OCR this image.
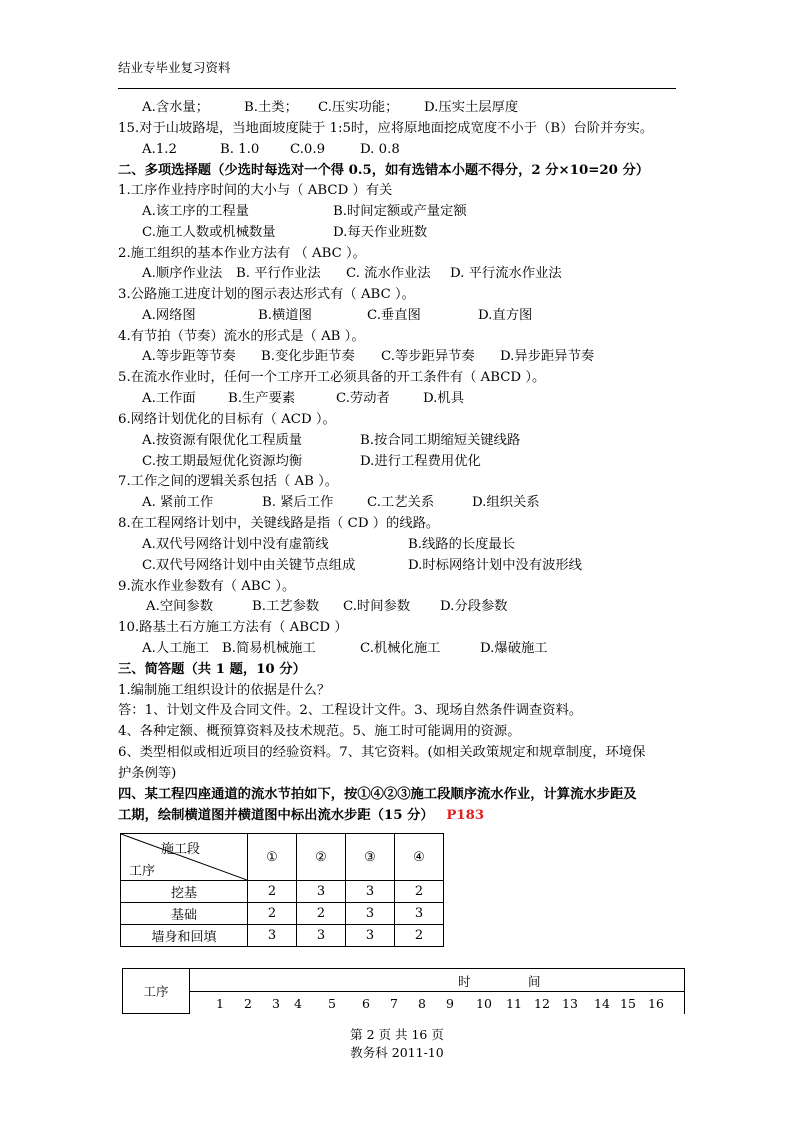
结业专毕业复习资料
A.含水量；	B.土类； C.压实功能； D.压实土层厚度
15.对于山坡路堤，当地面坡度陡于 1:5时，应将原地面挖成宽度不小于（B）台阶并夯实。
A.1.2	B. 1.0 C.0.9	D. 0.8
二、多项选择题（少选时每选对一个得 0.5，如有选错本小题不得分，2 分×10=20 分）
1.工序作业持序时间的大小与（ ABCD ）有关
A.该工序的工程量	B.时间定额或产量定额
C.施工人数或机械数量	D.每天作业班数
2.施工组织的基本作业方法有 （ ABC ）。
A.顺序作业法 B. 平行作业法 C. 流水作业法 D. 平行流水作业法
3.公路施工进度计划的图示表达形式有（ ABC ）。
A.网络图	B.横道图	C.垂直图	D.直方图
4.有节拍（节奏）流水的形式是（ AB ）。
A.等步距等节奏 B.变化步距节奏 C.等步距异节奏 D.异步距异节奏
5.在流水作业时，任何一个工序开工必须具备的开工条件有（ ABCD ）。
A.工作面 B.生产要素	C.劳动者 D.机具
6.网络计划优化的目标有（ ACD ）。
A.按资源有限优化工程质量	B.按合同工期缩短关键线路
C.按工期最短优化资源均衡	D.进行工程费用优化
7.工作之间的逻辑关系包括（ AB ）。
A. 紧前工作	B. 紧后工作	C.工艺关系	D.组织关系
8.在工程网络计划中，关键线路是指（ CD ）的线路。
A.双代号网络计划中没有虚箭线	B.线路的长度最长
C.双代号网络计划中由关键节点组成	D.时标网络计划中没有波形线
9.流水作业参数有（ ABC ）。
A.空间参数	B.工艺参数 C.时间参数 D.分段参数
10.路基土石方施工方法有（ ABCD ）
A.人工施工 B.简易机械施工	C.机械化施工	D.爆破施工
三、简答题（共 1 题，10 分）
1.编制施工组织设计的依据是什么？
答：1、计划文件及合同文件。2、工程设计文件。3、现场自然条件调查资料。
4、各种定额、概预算资料及技术规范。5、施工时可能调用的资源。
6、类型相似或相近项目的经验资料。7、其它资料。(如相关政策规定和规章制度，环境保
护条例等)
四、某工程四座通道的流水节拍如下，按①④②③施工段顺序流水作业，计算流水步距及
工期，绘制横道图并横道图中标出流水步距（15 分） P183
施工段
工序	①	②	③	④
挖基	2	3	3	2
基础	2	2	3	3
墙身和回填	3	3	3	2
工序	
时	间

1 2 3 4 5 6 7 8 9 10 11 12 13 14 15 16
第 2 页 共 16 页
教务科 2011-10
